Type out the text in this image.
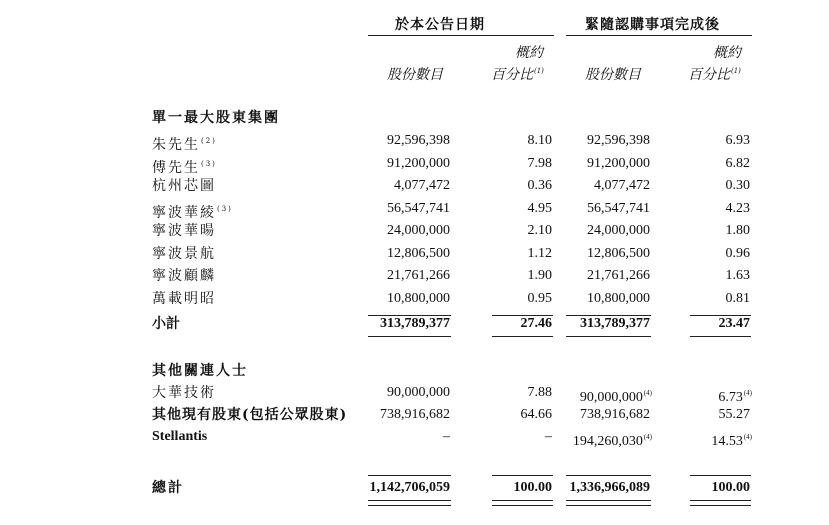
於本公告日期	緊隨認購事項完成後
概約	概約
股份數目	百分比$^{(1)}$	股份數目	百分比$^{(1)}$
單一最大股東集團
朱先生$^{(2)}$	92,596,398	8.10	92,596,398	6.93
傅先生$^{(3)}$	91,200,000	7.98	91,200,000	6.82
杭州芯圖	4,077,472	0.36	4,077,472	0.30
寧波華綾$^{(3)}$	56,547,741	4.95	56,547,741	4.23
寧波華暘	24,000,000	2.10	24,000,000	1.80
寧波景航	12,806,500	1.12	12,806,500	0.96
寧波顧麟	21,761,266	1.90	21,761,266	1.63
萬載明昭	10,800,000	0.95	10,800,000	0.81
小計	313,789,377	27.46	313,789,377	23.47
其他關連人士
大華技術	90,000,000	7.88	90,000,000$^{(4)}$	6.73$^{(4)}$
其他現有股東(包括公眾股東)	738,916,682	64.66	738,916,682	55.27
Stellantis	–	–	194,260,030$^{(4)}$	14.53$^{(4)}$
總計	1,142,706,059	100.00	1,336,966,089	100.00
